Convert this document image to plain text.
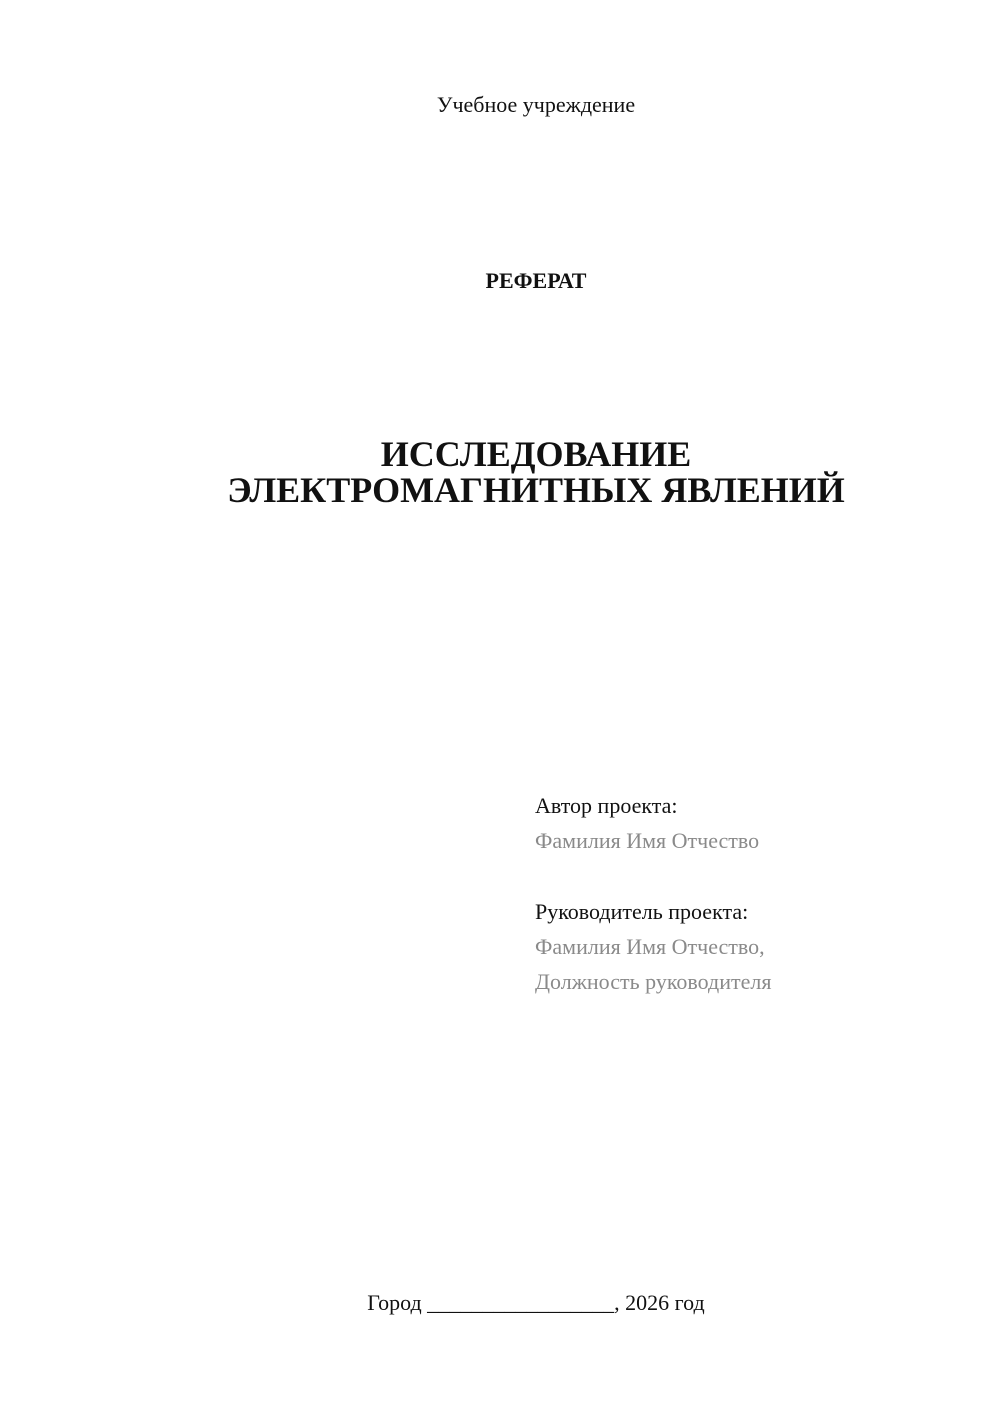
Учебное учреждение
РЕФЕРАТ
ИССЛЕДОВАНИЕ
ЭЛЕКТРОМАГНИТНЫХ ЯВЛЕНИЙ
Автор проекта:
Фамилия Имя Отчество
Руководитель проекта:
Фамилия Имя Отчество,
Должность руководителя
Город _________________, 2026 год
